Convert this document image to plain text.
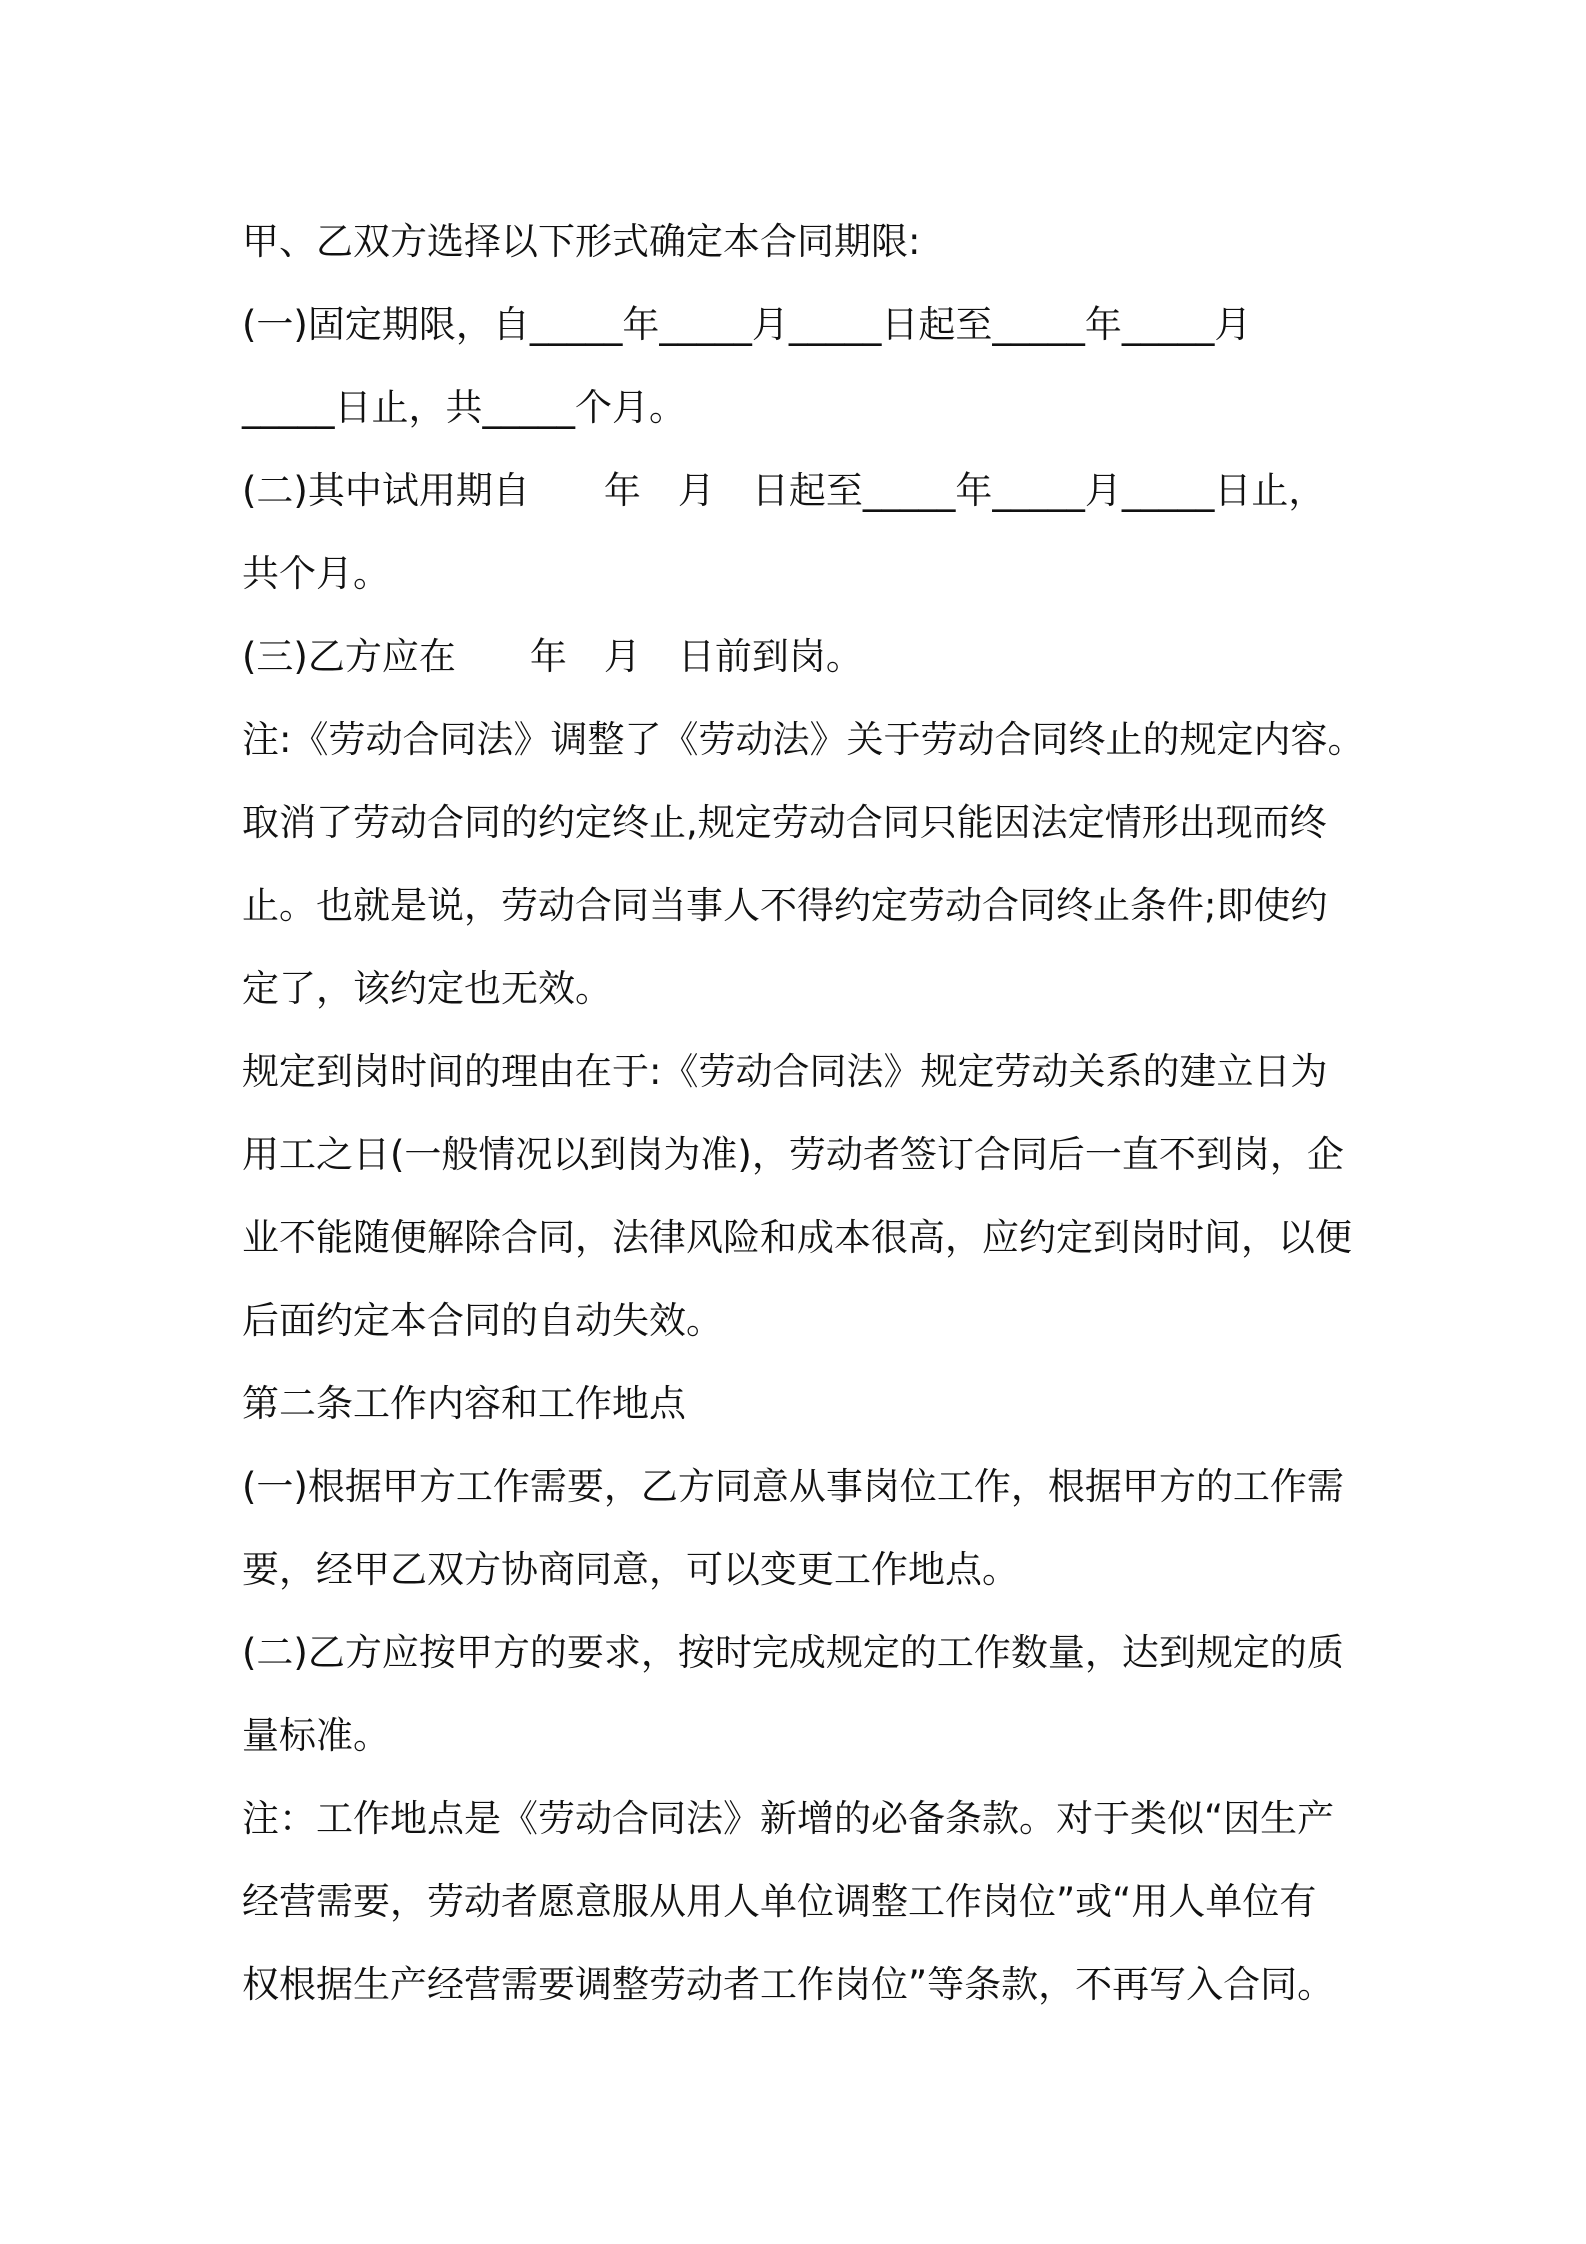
甲、乙双方选择以下形式确定本合同期限:
(一)固定期限，自_____年_____月_____日起至_____年_____月
_____日止，共_____个月。
(二)其中试用期自　　年　月　日起至_____年_____月_____日止，
共个月。
(三)乙方应在　　年　月　日前到岗。
注:《劳动合同法》调整了《劳动法》关于劳动合同终止的规定内容。
取消了劳动合同的约定终止,规定劳动合同只能因法定情形出现而终
止。也就是说，劳动合同当事人不得约定劳动合同终止条件;即使约
定了，该约定也无效。
规定到岗时间的理由在于:《劳动合同法》规定劳动关系的建立日为
用工之日(一般情况以到岗为准)，劳动者签订合同后一直不到岗，企
业不能随便解除合同，法律风险和成本很高，应约定到岗时间，以便
后面约定本合同的自动失效。
第二条工作内容和工作地点
(一)根据甲方工作需要，乙方同意从事岗位工作，根据甲方的工作需
要，经甲乙双方协商同意，可以变更工作地点。
(二)乙方应按甲方的要求，按时完成规定的工作数量，达到规定的质
量标准。
注：工作地点是《劳动合同法》新增的必备条款。对于类似“因生产
经营需要，劳动者愿意服从用人单位调整工作岗位”或“用人单位有
权根据生产经营需要调整劳动者工作岗位”等条款，不再写入合同。
